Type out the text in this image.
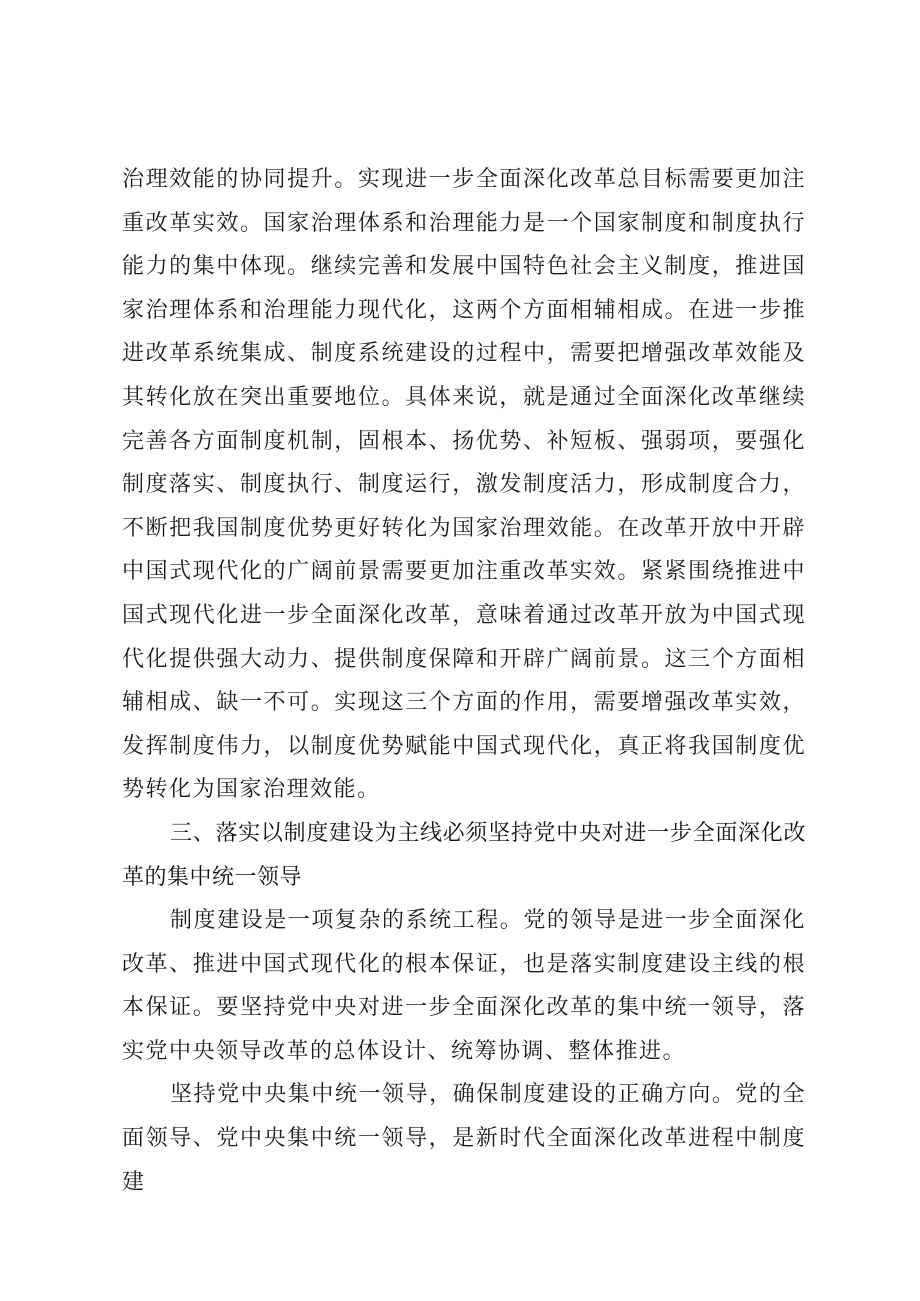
治理效能的协同提升。实现进一步全面深化改革总目标需要更加注重改革实效。国家治理体系和治理能力是一个国家制度和制度执行能力的集中体现。继续完善和发展中国特色社会主义制度，推进国家治理体系和治理能力现代化，这两个方面相辅相成。在进一步推进改革系统集成、制度系统建设的过程中，需要把增强改革效能及其转化放在突出重要地位。具体来说，就是通过全面深化改革继续完善各方面制度机制，固根本、扬优势、补短板、强弱项，要强化制度落实、制度执行、制度运行，激发制度活力，形成制度合力，不断把我国制度优势更好转化为国家治理效能。在改革开放中开辟中国式现代化的广阔前景需要更加注重改革实效。紧紧围绕推进中国式现代化进一步全面深化改革，意味着通过改革开放为中国式现代化提供强大动力、提供制度保障和开辟广阔前景。这三个方面相辅相成、缺一不可。实现这三个方面的作用，需要增强改革实效，发挥制度伟力，以制度优势赋能中国式现代化，真正将我国制度优势转化为国家治理效能。

三、落实以制度建设为主线必须坚持党中央对进一步全面深化改革的集中统一领导

制度建设是一项复杂的系统工程。党的领导是进一步全面深化改革、推进中国式现代化的根本保证，也是落实制度建设主线的根本保证。要坚持党中央对进一步全面深化改革的集中统一领导，落实党中央领导改革的总体设计、统筹协调、整体推进。

坚持党中央集中统一领导，确保制度建设的正确方向。党的全面领导、党中央集中统一领导，是新时代全面深化改革进程中制度建
